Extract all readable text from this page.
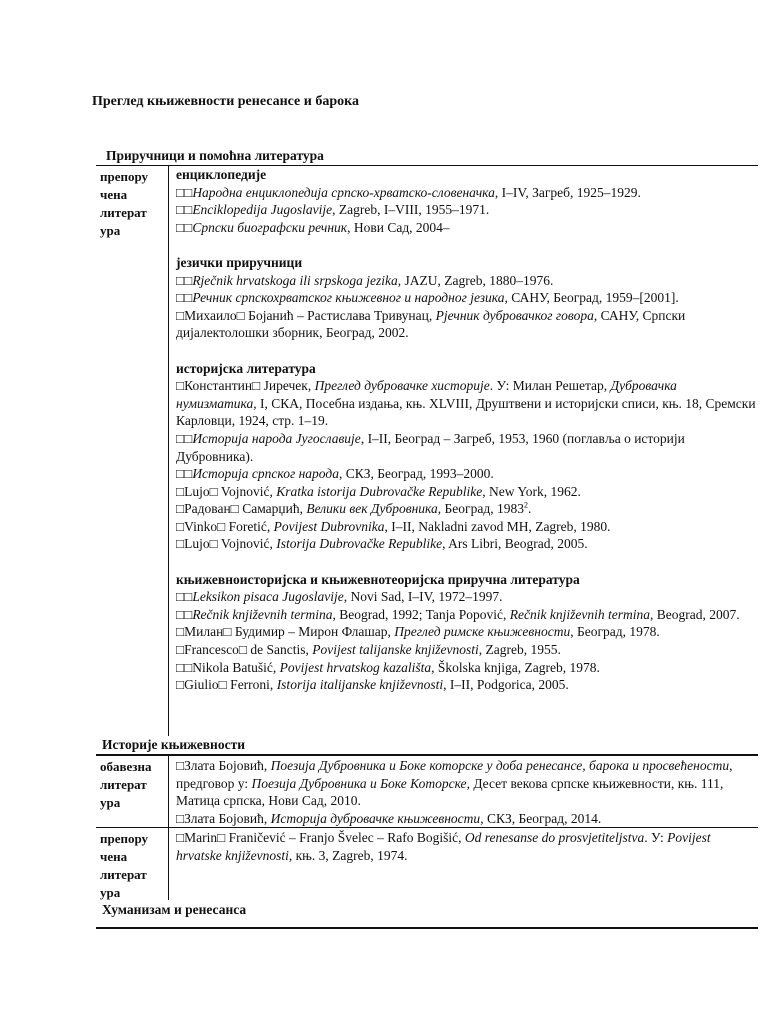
Преглед књижевности ренесансе и барока
Приручници и помоћна литература
препору
чена
литерат
ура

енциклопедије

□□Народна енциклопедија српско-хрватско-словеначка, I–IV, Загреб, 1925–1929.

□□Enciklopedija Jugoslavije, Zagreb, I–VIII, 1955–1971.

□□Српски биографски речник, Нови Сад, 2004–

језички приручници

□□Rječnik hrvatskoga ili srpskoga jezika, JAZU, Zagreb, 1880–1976.

□□Речник српскохрватског књижевног и народног језика, САНУ, Београд, 1959–[2001].

□Михаило□ Бојанић – Растислава Тривунац, Рјечник дубровачког говора, САНУ, Српски дијалектолошки зборник, Београд, 2002.

историјска литература

□Константин□ Јиречек, Преглед дубровачке хисторије. У: Милан Решетар, Дубровачка нумизматика, I, СКА, Посебна издања, књ. XLVIII, Друштвени и историјски списи, књ. 18, Сремски Карловци, 1924, стр. 1–19.

□□Историја народа Југославије, I–II, Београд – Загреб, 1953, 1960 (поглавља о историји Дубровника).

□□Историја српског народа, СКЗ, Београд, 1993–2000.

□Lujo□ Vojnović, Kratka istorija Dubrovačke Republike, New York, 1962.

□Радован□ Самарџић, Велики век Дубровника, Београд, 1983$^2$.

□Vinko□ Foretić, Povijest Dubrovnika, I–II, Nakladni zavod MH, Zagreb, 1980.

□Lujo□ Vojnović, Istorija Dubrovačke Republike, Ars Libri, Beograd, 2005.

књижевноисторијска и књижевнотеоријска приручна литература

□□Leksikon pisaca Jugoslavije, Novi Sad, I–IV, 1972–1997.

□□Rečnik književnih termina, Beograd, 1992; Tanja Popović, Rečnik književnih termina, Beograd, 2007.

□Милан□ Будимир – Мирон Флашар, Преглед римске књижевности, Београд, 1978.

□Francesco□ de Sanctis, Povijest talijanske književnosti, Zagreb, 1955.

□□Nikola Batušić, Povijest hrvatskog kazališta, Školska knjiga, Zagreb, 1978.

□Giulio□ Ferroni, Istorija italijanske književnosti, I–II, Podgorica, 2005.

Историје књижевности
обавезна
литерат
ура

□Злата Бојовић, Поезија Дубровника и Боке которске у доба ренесансе, барока и просвећености, предговор у: Поезија Дубровника и Боке Которске, Десет векова српске књижевности, књ. 111, Матица српска, Нови Сад, 2010.

□Злата Бојовић, Историја дубровачке књижевности, СКЗ, Београд, 2014.

препору
чена
литерат
ура

□Marin□ Franičević – Franjo Švelec – Rafo Bogišić, Od renesanse do prosvjetiteljstva. У: Povijest hrvatske književnosti, књ. 3, Zagreb, 1974.

Хуманизам и ренесанса
